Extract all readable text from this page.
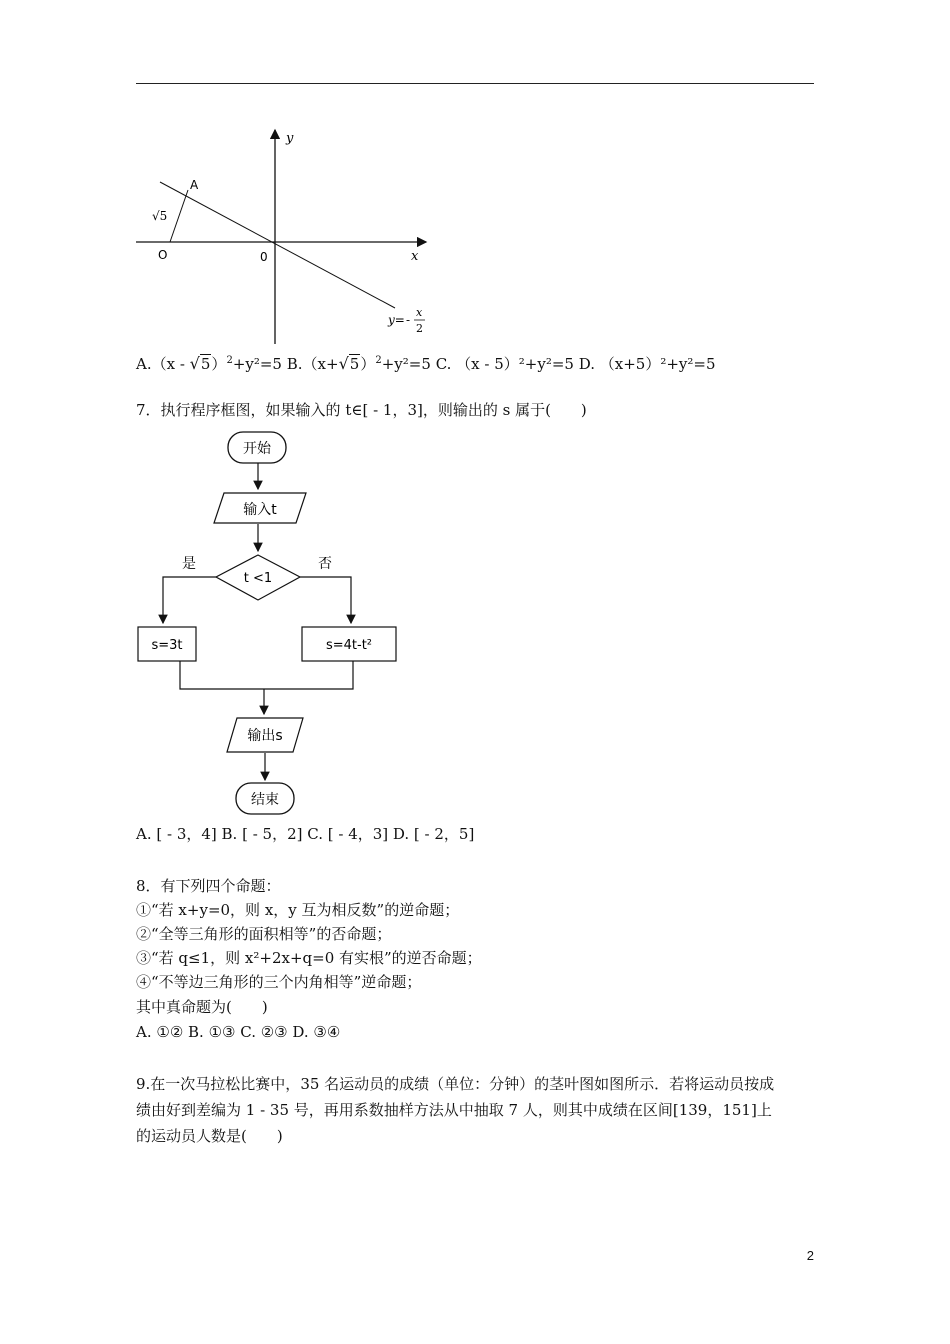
y
x
0
A
O
√5
y= -
x
2
A.（x - √5）$^2$+y²=5 $B.(x+√5)^2+y^2=5$ C. （x - 5）²+y²=5 D. （x+5）²+y²=5
7．执行程序框图，如果输入的 t∈[ - 1，3]，则输出的 s 属于(　　)
开始
输入t
t <1
是	否
s=3t	s=4t-t²
输出s
结束
A. [ - 3，4] B. [ - 5，2] C. [ - 4，3] D. [ - 2，5]
8．有下列四个命题：
①“若 x+y=0，则 x，y 互为相反数”的逆命题；
②“全等三角形的面积相等”的否命题；
③“若 q≤1，则 x²+2x+q=0 有实根”的逆否命题；
④“不等边三角形的三个内角相等”逆命题；
其中真命题为(　　)
A. ①② B. ①③ C. ②③ D. ③④
9.在一次马拉松比赛中，35 名运动员的成绩（单位：分钟）的茎叶图如图所示．若将运动员按成
绩由好到差编为 1 - 35 号，再用系数抽样方法从中抽取 7 人，则其中成绩在区间[139，151]上
的运动员人数是(　　)
2
